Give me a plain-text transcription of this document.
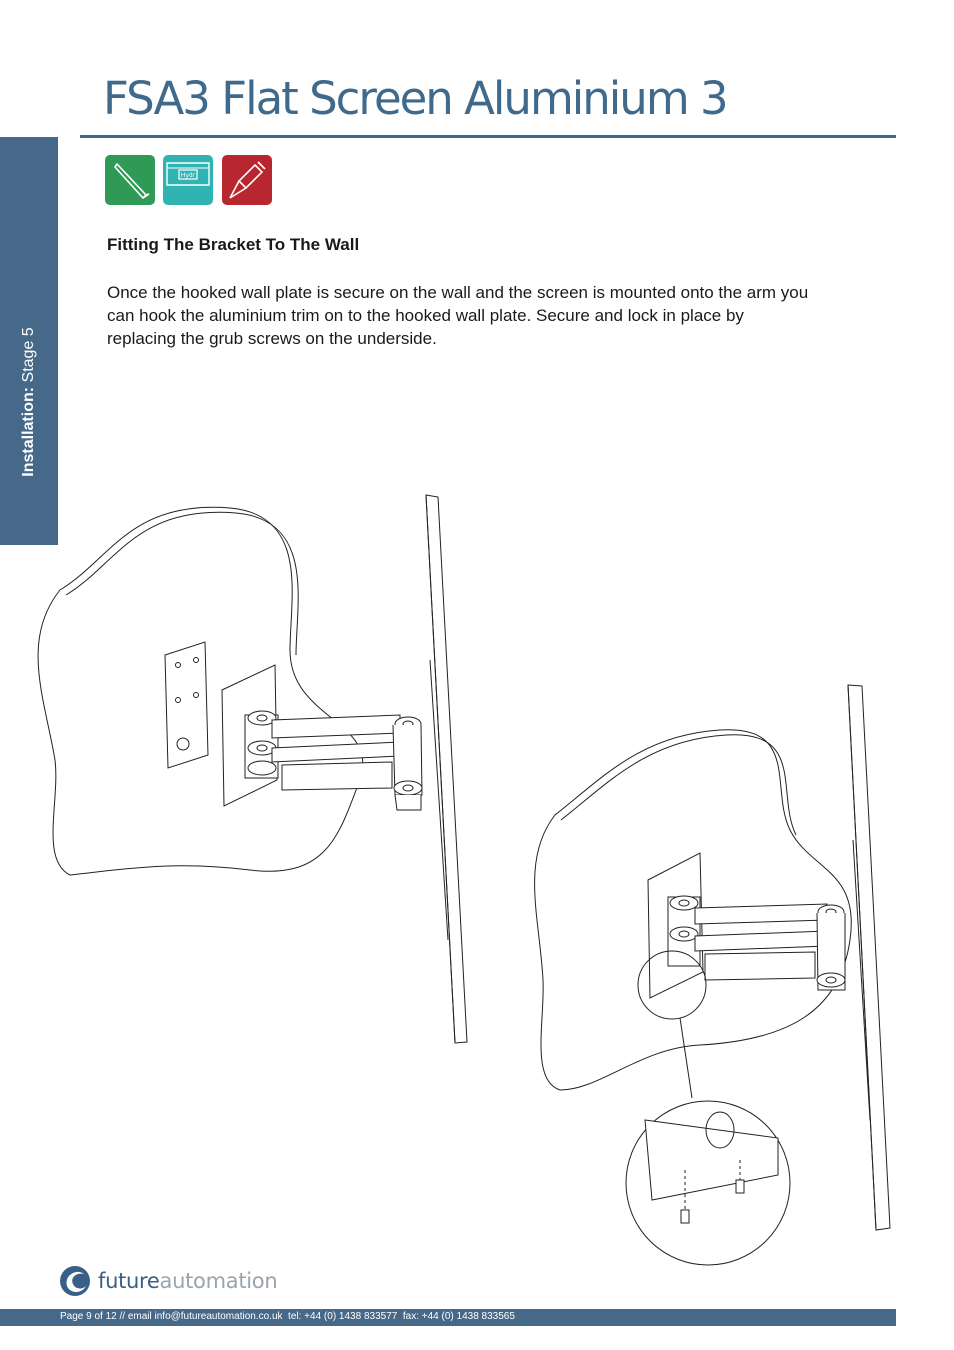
FSA3 Flat Screen Aluminium 3
Installation: Stage 5
Hydr
Fitting The Bracket To The Wall
Once the hooked wall plate is secure on the wall and the screen is mounted onto the arm you can hook the aluminium trim on to the hooked wall plate. Secure and lock in place by replacing the grub screws on the underside.
futureautomation
Page 9 of 12 // email info@futureautomation.co.uk  tel: +44 (0) 1438 833577  fax: +44 (0) 1438 833565
